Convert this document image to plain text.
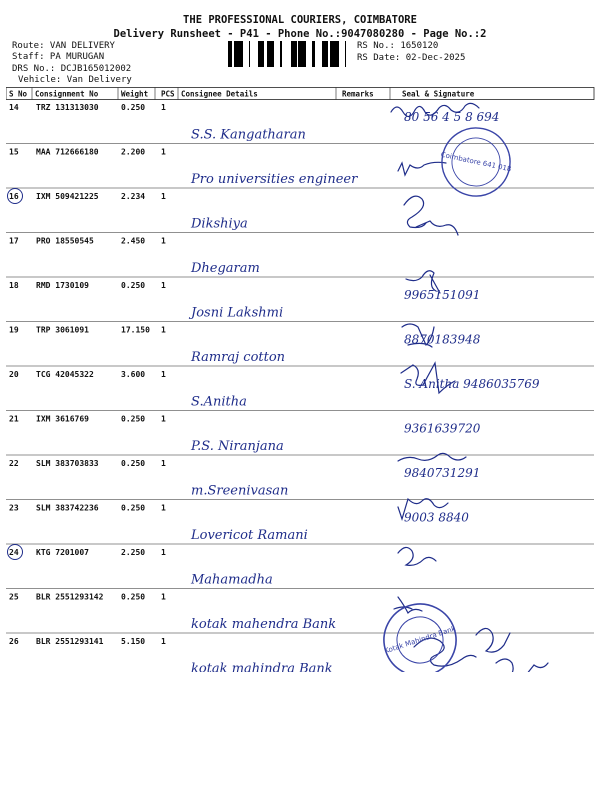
THE PROFESSIONAL COURIERS, COIMBATORE
Delivery Runsheet - P41 - Phone No.:9047080280 - Page No.:2
Route: VAN DELIVERY
Staff: PA MURUGAN
DRS No.: DCJB165012002
Vehicle: Van Delivery
RS No.: 1650120
RS Date: 02-Dec-2025
S No Consignment No	Weight PCS Consignee Details	Remarks	Seal & Signature
14 TRZ 131313030	0.250 1
S.S. Kangatharan
80 56 4 5 8 694
15 MAA 712666180	2.200 1
Pro universities engineer
16 IXM 509421225	2.234 1
Dikshiya
17 PRO 18550545	2.450 1
Dhegaram
18 RMD 1730109	0.250 1
Josni Lakshmi
9965151091
19 TRP 3061091	17.150 1
Ramraj cotton
8870183948
20 TCG 42045322	3.600 1
S.Anitha
S. Anitha 9486035769
21 IXM 3616769	0.250 1
P.S. Niranjana
9361639720
22 SLM 383703833	0.250 1
m.Sreenivasan
9840731291
23 SLM 383742236	0.250 1
Lovericot Ramani
9003 8840
24 KTG 7201007	2.250 1
Mahamadha
25 BLR 2551293142 0.250 1
kotak mahendra Bank
26 BLR 2551293141 5.150 1
kotak mahindra Bank
Coimbatore 641 018
Kotak Mahindra Bank
